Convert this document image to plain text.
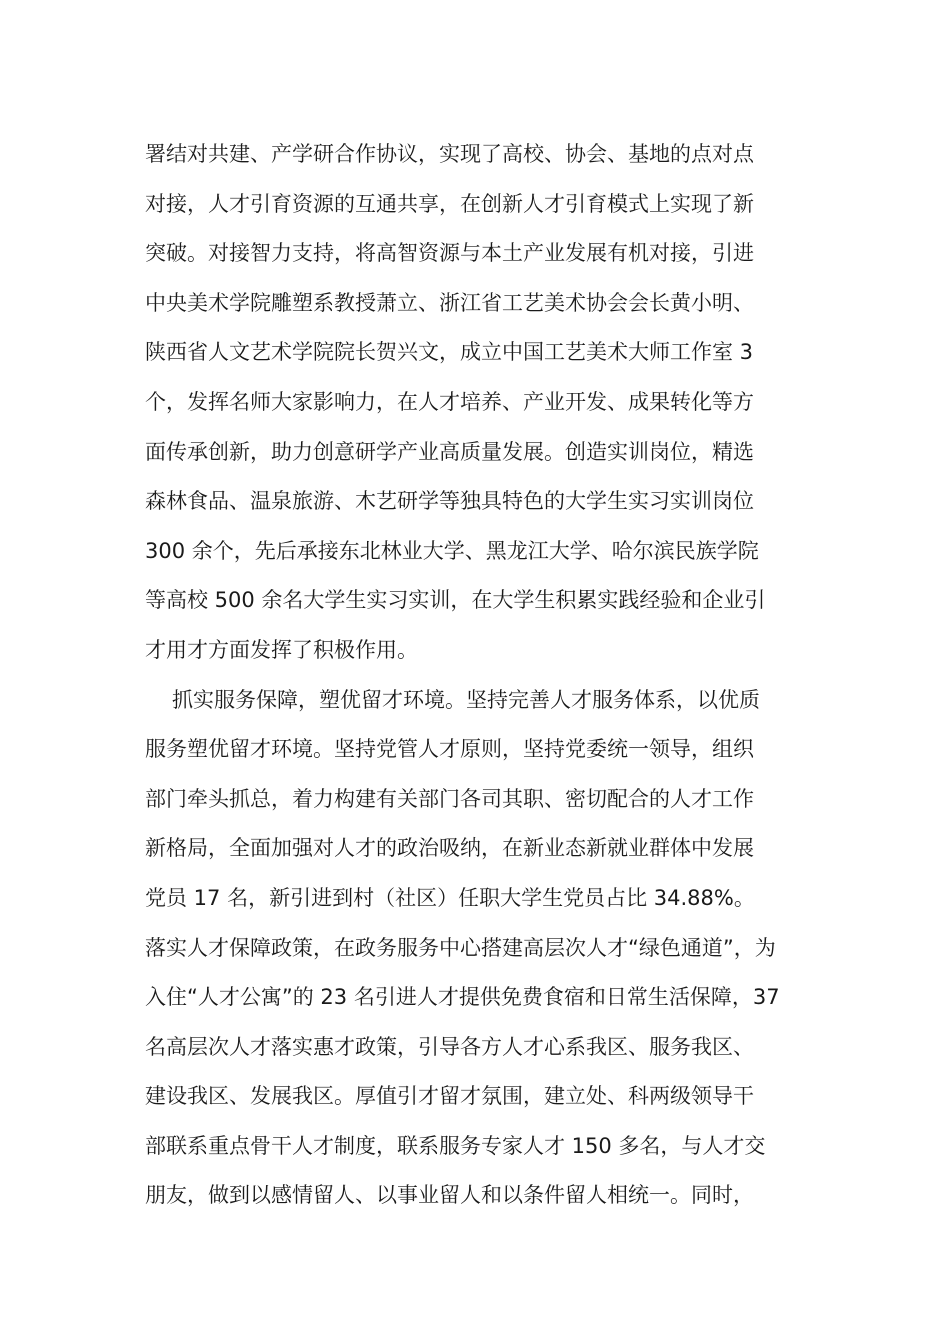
署结对共建、产学研合作协议，实现了高校、协会、基地的点对点
对接，人才引育资源的互通共享，在创新人才引育模式上实现了新
突破。对接智力支持，将高智资源与本土产业发展有机对接，引进
中央美术学院雕塑系教授萧立、浙江省工艺美术协会会长黄小明、
陕西省人文艺术学院院长贺兴文，成立中国工艺美术大师工作室 3
个，发挥名师大家影响力，在人才培养、产业开发、成果转化等方
面传承创新，助力创意研学产业高质量发展。创造实训岗位，精选
森林食品、温泉旅游、木艺研学等独具特色的大学生实习实训岗位
300 余个，先后承接东北林业大学、黑龙江大学、哈尔滨民族学院
等高校 500 余名大学生实习实训，在大学生积累实践经验和企业引
才用才方面发挥了积极作用。
抓实服务保障，塑优留才环境。坚持完善人才服务体系，以优质
服务塑优留才环境。坚持党管人才原则，坚持党委统一领导，组织
部门牵头抓总，着力构建有关部门各司其职、密切配合的人才工作
新格局，全面加强对人才的政治吸纳，在新业态新就业群体中发展
党员 17 名，新引进到村（社区）任职大学生党员占比 34.88%。
落实人才保障政策，在政务服务中心搭建高层次人才“绿色通道”，为
入住“人才公寓”的 23 名引进人才提供免费食宿和日常生活保障，37
名高层次人才落实惠才政策，引导各方人才心系我区、服务我区、
建设我区、发展我区。厚值引才留才氛围，建立处、科两级领导干
部联系重点骨干人才制度，联系服务专家人才 150 多名，与人才交
朋友，做到以感情留人、以事业留人和以条件留人相统一。同时，
